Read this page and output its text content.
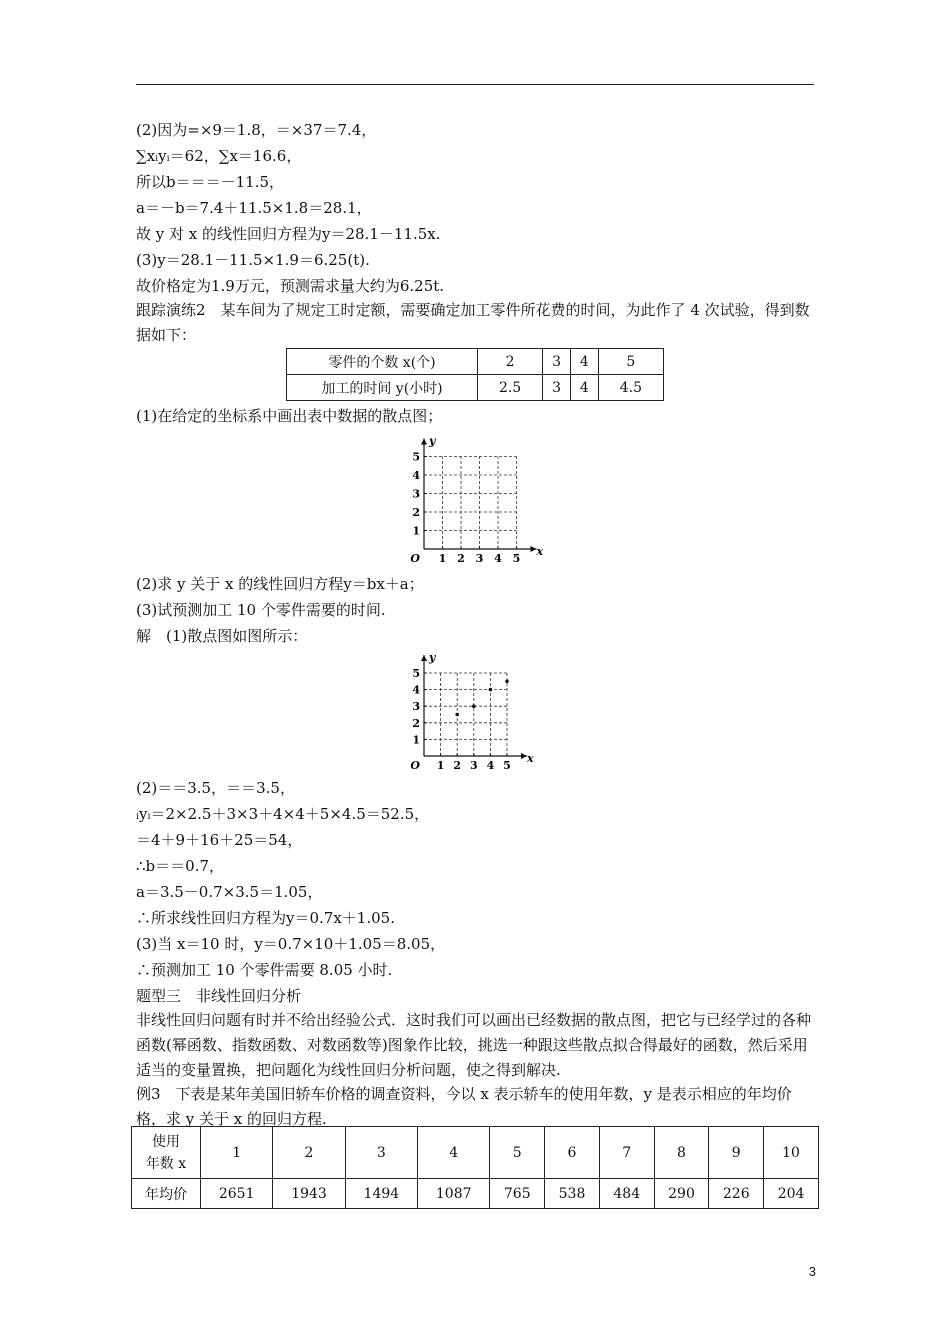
(2)因为=×9＝1.8，＝×37＝7.4，
∑xᵢyᵢ＝62，∑x＝16.6，
所以b＝＝＝－11.5，
a＝－b＝7.4＋11.5×1.8＝28.1，
故 y 对 x 的线性回归方程为y＝28.1－11.5x.
(3)y＝28.1－11.5×1.9＝6.25(t).
故价格定为1.9万元，预测需求量大约为6.25t.
跟踪演练2　某车间为了规定工时定额，需要确定加工零件所花费的时间，为此作了 4 次试验，得到数据如下：
零件的个数 x(个)	2	3	4	5
加工的时间 y(小时)	2.5	3	4	4.5
(1)在给定的坐标系中画出表中数据的散点图；
1
1
2
2
3
3
4
4
5
5
O
x
y
(2)求 y 关于 x 的线性回归方程y＝bx＋a；
(3)试预测加工 10 个零件需要的时间.
解　(1)散点图如图所示：
1
1
2
2
3
3
4
4
5
5
O
x
y
(2)＝＝3.5，＝＝3.5，
ᵢyᵢ＝2×2.5＋3×3＋4×4＋5×4.5＝52.5，
＝4＋9＋16＋25＝54，
∴b＝＝0.7，
a＝3.5－0.7×3.5＝1.05，
∴所求线性回归方程为y＝0.7x＋1.05.
(3)当 x＝10 时，y＝0.7×10＋1.05＝8.05，
∴预测加工 10 个零件需要 8.05 小时.
题型三　非线性回归分析
非线性回归问题有时并不给出经验公式．这时我们可以画出已经数据的散点图，把它与已经学过的各种函数(幂函数、指数函数、对数函数等)图象作比较，挑选一种跟这些散点拟合得最好的函数，然后采用适当的变量置换，把问题化为线性回归分析问题，使之得到解决.
例3　下表是某年美国旧轿车价格的调查资料，今以 x 表示轿车的使用年数，y 是表示相应的年均价格，求 y 关于 x 的回归方程.
使用
年数 x	1	2	3	4	5	6	7	8	9	10
年均价	2651	1943	1494	1087	765	538	484	290	226	204
3
